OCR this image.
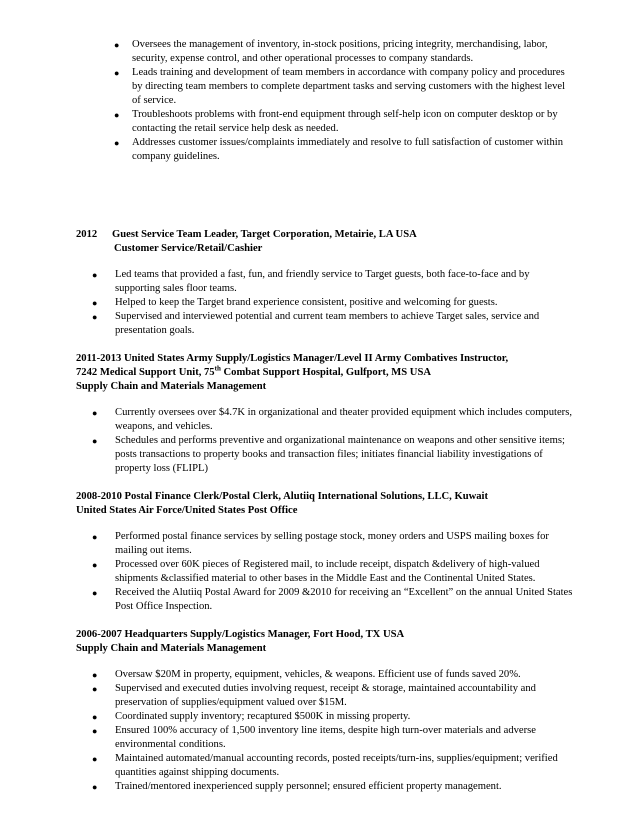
● Oversees the management of inventory, in-stock positions, pricing integrity, merchandising, labor, security, expense control, and other operational processes to company standards.
● Leads training and development of team members in accordance with company policy and procedures by directing team members to complete department tasks and serving customers with the highest level of service.
● Troubleshoots problems with front-end equipment through self-help icon on computer desktop or by contacting the retail service help desk as needed.
● Addresses customer issues/complaints immediately and resolve to full satisfaction of customer within company guidelines.
2012 Guest Service Team Leader, Target Corporation, Metairie, LA USA
Customer Service/Retail/Cashier
● Led teams that provided a fast, fun, and friendly service to Target guests, both face-to-face and by supporting sales floor teams.
● Helped to keep the Target brand experience consistent, positive and welcoming for guests.
● Supervised and interviewed potential and current team members to achieve Target sales, service and presentation goals.
2011-2013 United States Army Supply/Logistics Manager/Level II Army Combatives Instructor,
7242 Medical Support Unit, 75th Combat Support Hospital, Gulfport, MS USA
Supply Chain and Materials Management
● Currently oversees over $4.7K in organizational and theater provided equipment which includes computers, weapons, and vehicles.
● Schedules and performs preventive and organizational maintenance on weapons and other sensitive items; posts transactions to property books and transaction files; initiates financial liability investigations of property loss (FLIPL)
2008-2010 Postal Finance Clerk/Postal Clerk, Alutiiq International Solutions, LLC, Kuwait
United States Air Force/United States Post Office
● Performed postal finance services by selling postage stock, money orders and USPS mailing boxes for mailing out items.
● Processed over 60K pieces of Registered mail, to include receipt, dispatch &delivery of high-valued shipments &classified material to other bases in the Middle East and the Continental United States.
● Received the Alutiiq Postal Award for 2009 &2010 for receiving an “Excellent” on the annual United States Post Office Inspection.
2006-2007 Headquarters Supply/Logistics Manager, Fort Hood, TX USA
Supply Chain and Materials Management
● Oversaw $20M in property, equipment, vehicles, & weapons. Efficient use of funds saved 20%.
● Supervised and executed duties involving request, receipt & storage, maintained accountability and preservation of supplies/equipment valued over $15M.
● Coordinated supply inventory; recaptured $500K in missing property.
● Ensured 100% accuracy of 1,500 inventory line items, despite high turn-over materials and adverse environmental conditions.
● Maintained automated/manual accounting records, posted receipts/turn-ins, supplies/equipment; verified quantities against shipping documents.
● Trained/mentored inexperienced supply personnel; ensured efficient property management.
